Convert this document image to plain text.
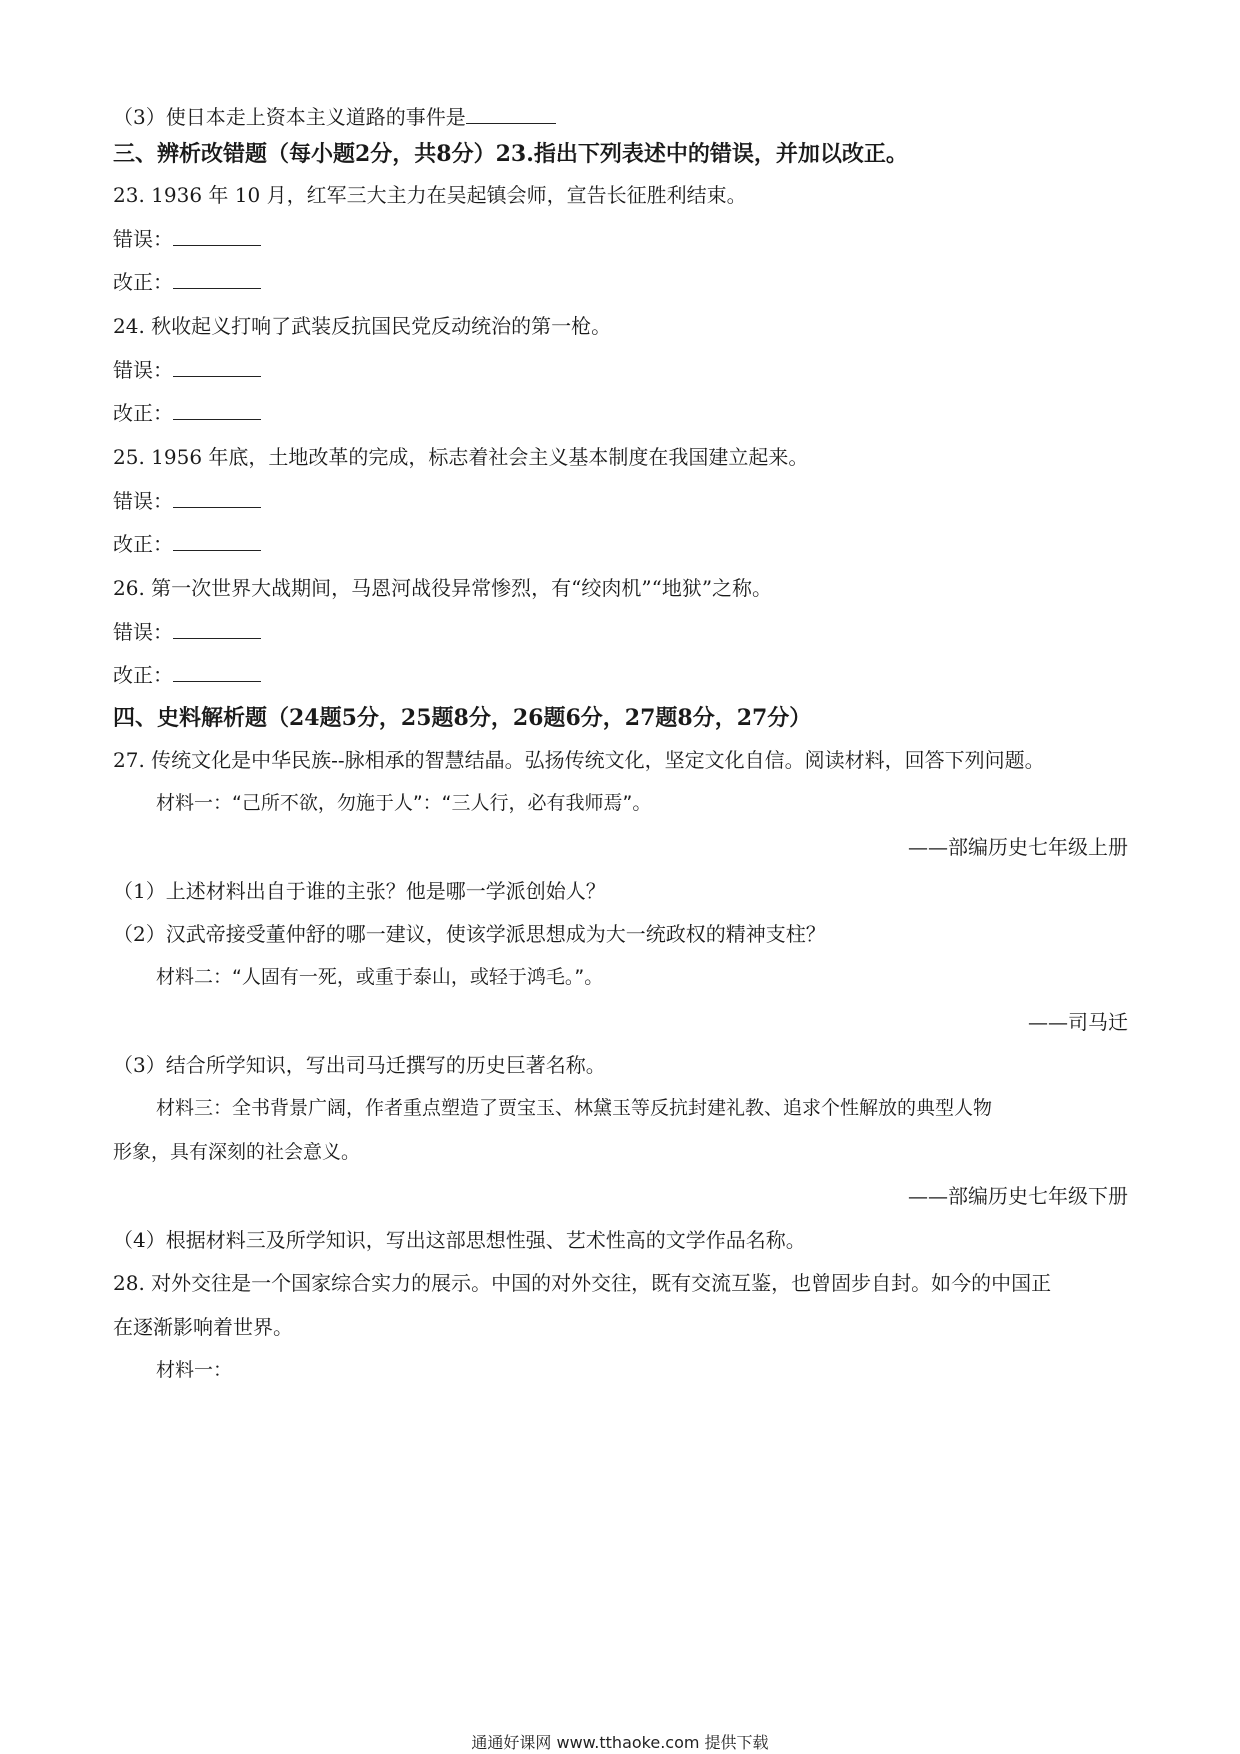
（3）使日本走上资本主义道路的事件是
三、辨析改错题（每小题2分，共8分）23.指出下列表述中的错误，并加以改正。
23. 1936 年 10 月，红军三大主力在吴起镇会师，宣告长征胜利结束。
错误：
改正：
24. 秋收起义打响了武装反抗国民党反动统治的第一枪。
错误：
改正：
25. 1956 年底，土地改革的完成，标志着社会主义基本制度在我国建立起来。
错误：
改正：
26. 第一次世界大战期间，马恩河战役异常惨烈，有“绞肉机”“地狱”之称。
错误：
改正：
四、史料解析题（24题5分，25题8分，26题6分，27题8分，27分）
27. 传统文化是中华民族--脉相承的智慧结晶。弘扬传统文化，坚定文化自信。阅读材料，回答下列问题。
材料一：“己所不欲，勿施于人”：“三人行，必有我师焉”。
——部编历史七年级上册
（1）上述材料出自于谁的主张？他是哪一学派创始人？
（2）汉武帝接受董仲舒的哪一建议，使该学派思想成为大一统政权的精神支柱？
材料二：“人固有一死，或重于泰山，或轻于鸿毛。”。
——司马迁
（3）结合所学知识，写出司马迁撰写的历史巨著名称。
材料三：全书背景广阔，作者重点塑造了贾宝玉、林黛玉等反抗封建礼教、追求个性解放的典型人物
形象，具有深刻的社会意义。
——部编历史七年级下册
（4）根据材料三及所学知识，写出这部思想性强、艺术性高的文学作品名称。
28. 对外交往是一个国家综合实力的展示。中国的对外交往，既有交流互鉴，也曾固步自封。如今的中国正
在逐渐影响着世界。
材料一：
通通好课网 www.tthaoke.com 提供下载
